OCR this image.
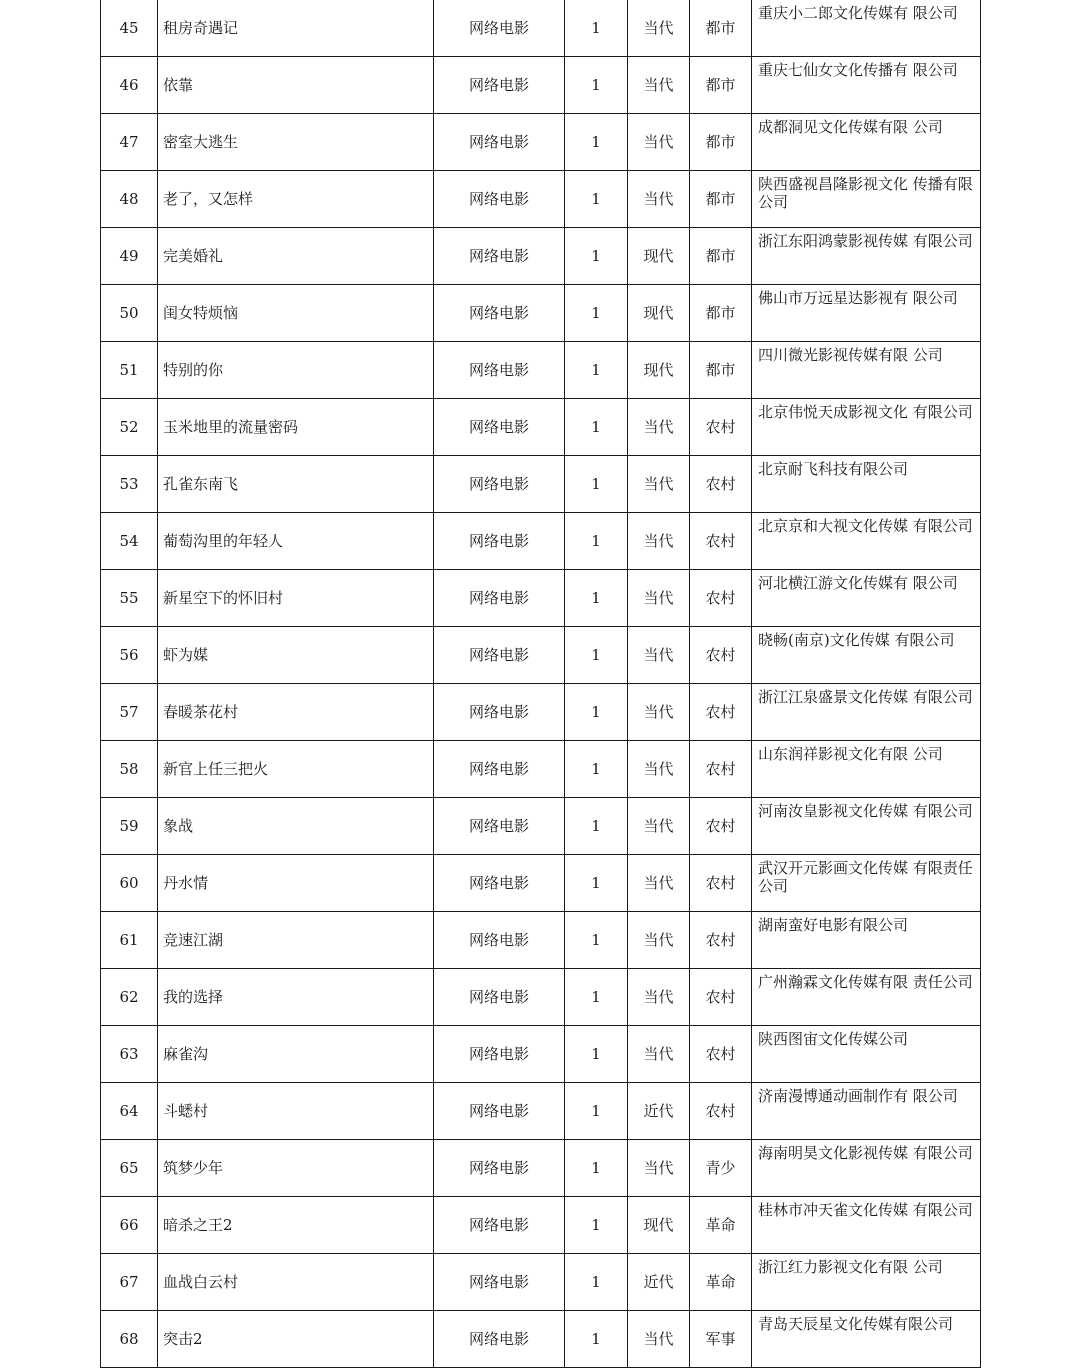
45	租房奇遇记	网络电影	1	当代	都市	重庆小二郎文化传媒有 限公司
46	依靠	网络电影	1	当代	都市	重庆七仙女文化传播有 限公司
47	密室大逃生	网络电影	1	当代	都市	成都洞见文化传媒有限 公司
48	老了，又怎样	网络电影	1	当代	都市	陕西盛视昌隆影视文化 传播有限公司
49	完美婚礼	网络电影	1	现代	都市	浙江东阳鸿蒙影视传媒 有限公司
50	闺女特烦恼	网络电影	1	现代	都市	佛山市万远星达影视有 限公司
51	特别的你	网络电影	1	现代	都市	四川微光影视传媒有限 公司
52	玉米地里的流量密码	网络电影	1	当代	农村	北京伟悦天成影视文化 有限公司
53	孔雀东南飞	网络电影	1	当代	农村	北京耐飞科技有限公司
54	葡萄沟里的年轻人	网络电影	1	当代	农村	北京京和大视文化传媒 有限公司
55	新星空下的怀旧村	网络电影	1	当代	农村	河北横江游文化传媒有 限公司
56	虾为媒	网络电影	1	当代	农村	晓畅(南京)文化传媒 有限公司
57	春暖茶花村	网络电影	1	当代	农村	浙江江泉盛景文化传媒 有限公司
58	新官上任三把火	网络电影	1	当代	农村	山东润祥影视文化有限 公司
59	象战	网络电影	1	当代	农村	河南汝皇影视文化传媒 有限公司
60	丹水情	网络电影	1	当代	农村	武汉开元影画文化传媒 有限责任公司
61	竞速江湖	网络电影	1	当代	农村	湖南蛮好电影有限公司
62	我的选择	网络电影	1	当代	农村	广州瀚霖文化传媒有限 责任公司
63	麻雀沟	网络电影	1	当代	农村	陕西图宙文化传媒公司
64	斗蟋村	网络电影	1	近代	农村	济南漫博通动画制作有 限公司
65	筑梦少年	网络电影	1	当代	青少	海南明昊文化影视传媒 有限公司
66	暗杀之王2	网络电影	1	现代	革命	桂林市冲天雀文化传媒 有限公司
67	血战白云村	网络电影	1	近代	革命	浙江红力影视文化有限 公司
68	突击2	网络电影	1	当代	军事	青岛天辰星文化传媒有限公司
